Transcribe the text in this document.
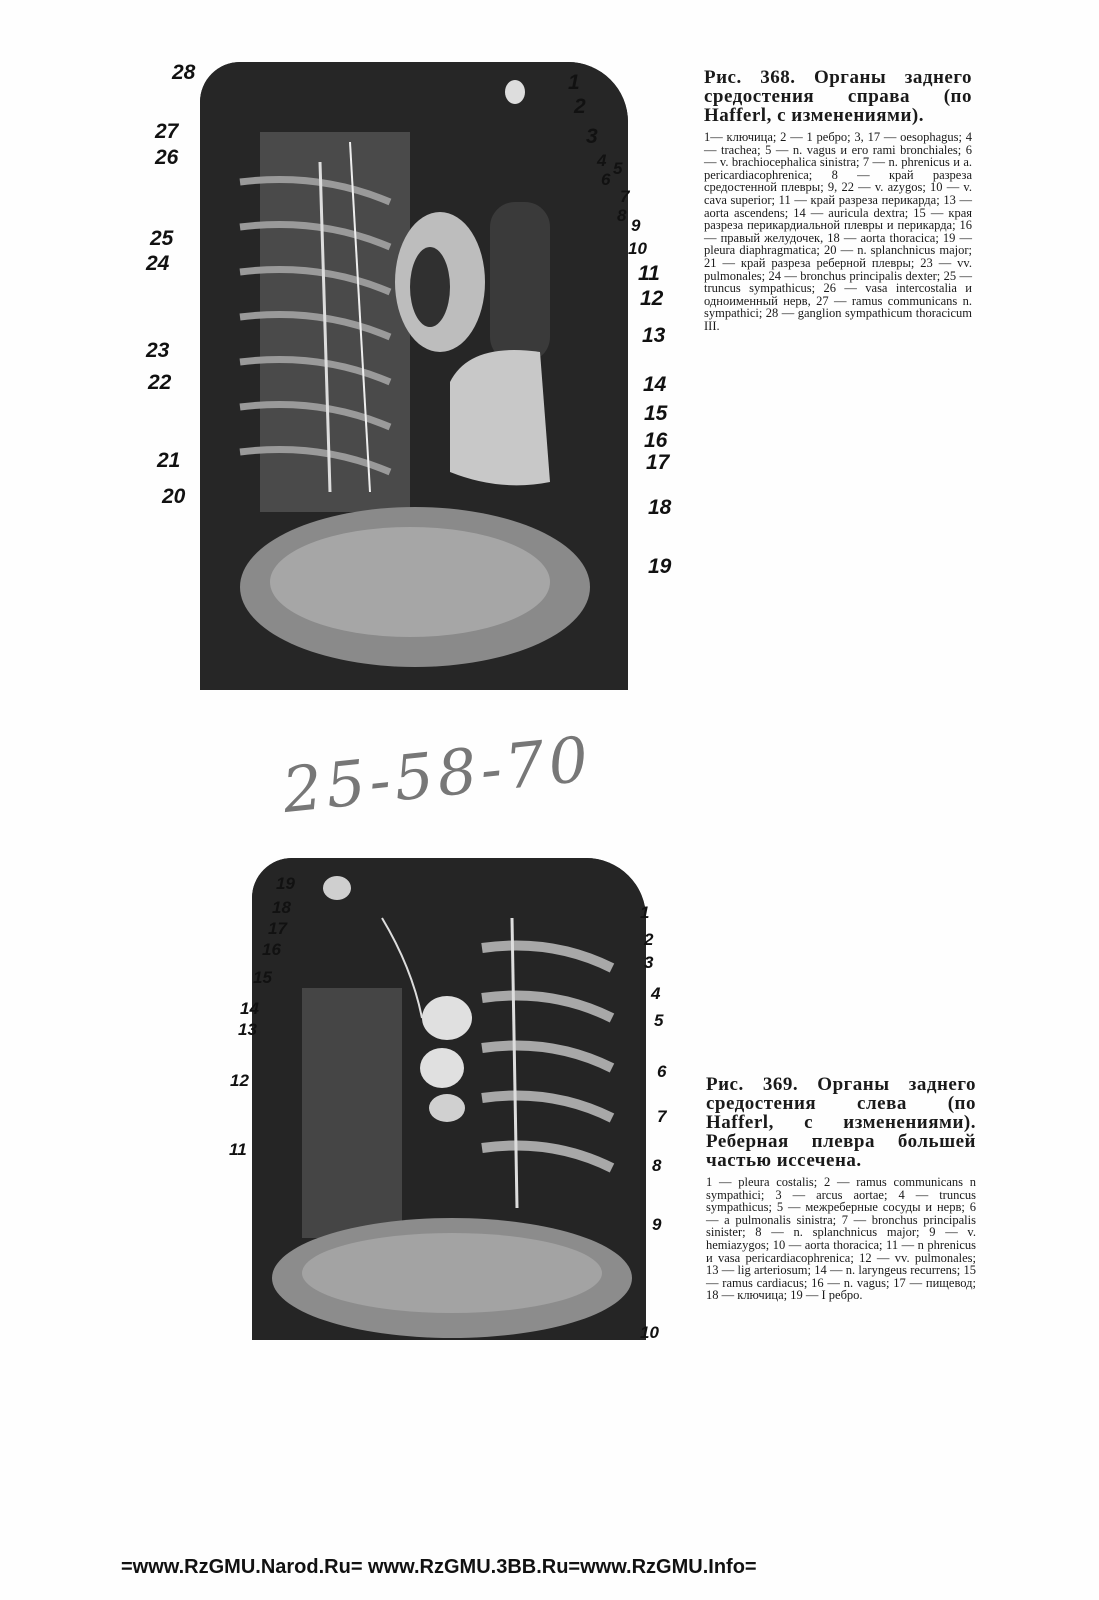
28
27
26
25
24
23
22
21
20
1
2
3
4 5
6
7
8
9
10
11
12
13
14
15
16
17
18
19

Рис. 368. Органы заднего средостения справа (по Hafferl, с изменениями).

1— ключица; 2 — 1 ребро; 3, 17 — oesophagus; 4 — trachea; 5 — n. vagus и его rami bronchiales; 6 — v. brachiocephalica sinistra; 7 — n. phrenicus и a. pericardiacophrenica; 8 — край разреза средостенной плевры; 9, 22 — v. azygos; 10 — v. cava superior; 11 — край разреза перикарда; 13 — aorta ascendens; 14 — auricula dextra; 15 — края разреза перикардиальной плевры и перикарда; 16 — правый желудочек, 18 — aorta thoracica; 19 — pleura diaphragmatica; 20 — n. splanchnicus major; 21 — край разреза реберной плевры; 23 — vv. pulmonales; 24 — bronchus principalis dexter; 25 — truncus sympathicus; 26 — vasa intercostalia и одноименный нерв, 27 — ramus communicans n. sympathici; 28 — ganglion sympathicum thoracicum III.

25-58-70
19
18
17
16
15
14
13
12
11
1
2
3
4
5
6
7
8
9
10

Рис. 369. Органы заднего средостения слева (по Hafferl, с изменениями). Реберная плевра большей частью иссечена.

1 — pleura costalis; 2 — ramus communicans n sympathici; 3 — arcus aortae; 4 — truncus sympathicus; 5 — межреберные сосуды и нерв; 6 — a pulmonalis sinistra; 7 — bronchus principalis sinister; 8 — n. splanchnicus major; 9 — v. hemiazygos; 10 — aorta thoracica; 11 — n phrenicus и vasa pericardiacophrenica; 12 — vv. pulmonales; 13 — lig arteriosum; 14 — n. laryngeus recurrens; 15 — ramus cardiacus; 16 — n. vagus; 17 — пищевод; 18 — ключица; 19 — I ребро.

=www.RzGMU.Narod.Ru= www.RzGMU.3BB.Ru=www.RzGMU.Info=
